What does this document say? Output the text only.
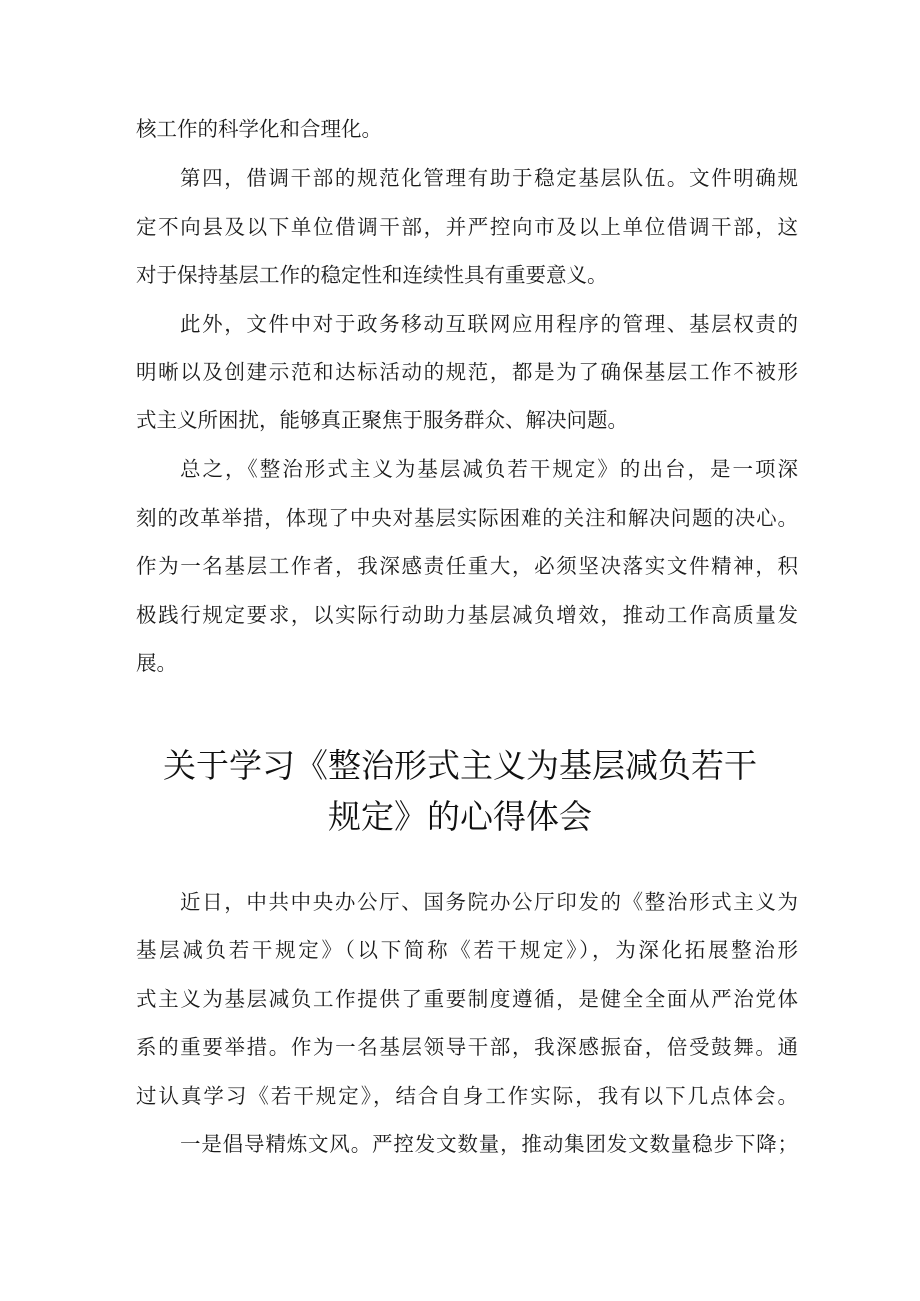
核工作的科学化和合理化。
第四，借调干部的规范化管理有助于稳定基层队伍。文件明确规
定不向县及以下单位借调干部，并严控向市及以上单位借调干部，这
对于保持基层工作的稳定性和连续性具有重要意义。
此外，文件中对于政务移动互联网应用程序的管理、基层权责的
明晰以及创建示范和达标活动的规范，都是为了确保基层工作不被形
式主义所困扰，能够真正聚焦于服务群众、解决问题。
总之，《整治形式主义为基层减负若干规定》的出台，是一项深
刻的改革举措，体现了中央对基层实际困难的关注和解决问题的决心。
作为一名基层工作者，我深感责任重大，必须坚决落实文件精神，积
极践行规定要求，以实际行动助力基层减负增效，推动工作高质量发
展。
关于学习《整治形式主义为基层减负若干
规定》的心得体会
近日，中共中央办公厅、国务院办公厅印发的《整治形式主义为
基层减负若干规定》（以下简称《若干规定》），为深化拓展整治形
式主义为基层减负工作提供了重要制度遵循，是健全全面从严治党体
系的重要举措。作为一名基层领导干部，我深感振奋，倍受鼓舞。通
过认真学习《若干规定》，结合自身工作实际，我有以下几点体会。
一是倡导精炼文风。严控发文数量，推动集团发文数量稳步下降；
